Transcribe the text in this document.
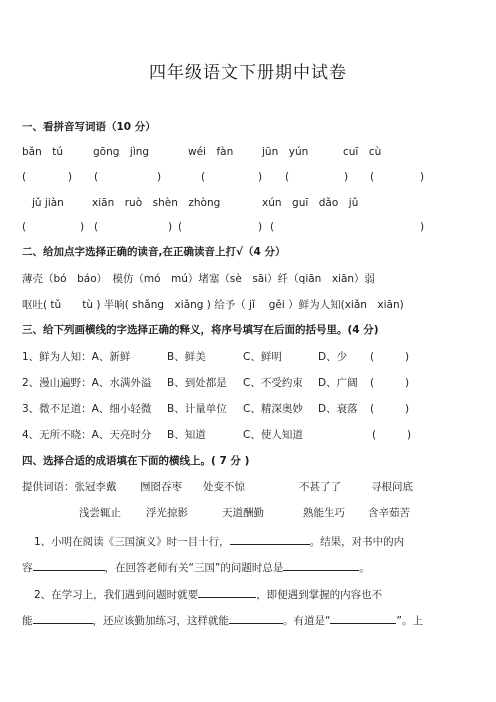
四年级语文下册期中试卷
一、看拼音写词语（10 分）
bǎn　tú	gōng　jìng	wéi　fàn	jūn　yún	cuī　cù
(	) (	)	(	) (	) (	)
jǔ jiàn	xiān　ruò　shèn　zhòng	xún　guī　dǎo　jǔ
(	) (	) (	) (	)
二、给加点字选择正确的读音,在正确读音上打√（4 分）
薄壳（bó　báo）　模仿（mó　mú）堵塞（sè　sāi）纤（qiān　xiān）弱
呕吐( tǔ　　tù ) 半晌( shǎng　xiǎng ) 给予（ jǐ　 gěi ）鲜为人知(xiǎn　xiān)
三、给下列画横线的字选择正确的释义，将序号填写在后面的括号里。(4 分)
1、鲜为人知：A、新鲜	B、鲜美	C、鲜明	D、少 (	)
2、漫山遍野：A、水满外溢 B、到处都是 C、不受约束 D、广阔 (	)
3、微不足道：A、细小轻微 B、计量单位 C、精深奥妙 D、衰落 (	)
4、无所不晓：A、天亮时分 B、知道	C、使人知道	(	)
四、选择合适的成语填在下面的横线上。( 7 分 )
提供词语：张冠李戴 囫囵吞枣 处变不惊	不甚了了	寻根问底
浅尝辄止 浮光掠影	天道酬勤	熟能生巧 含辛茹苦
1、小明在阅读《三国演义》时一目十行，	。结果，对书中的内
容	，在回答老师有关“三国”的问题时总是	。
2、在学习上，我们遇到问题时就要	，即便遇到掌握的内容也不
能	，还应该勤加练习，这样就能	。有道是“	”。上
